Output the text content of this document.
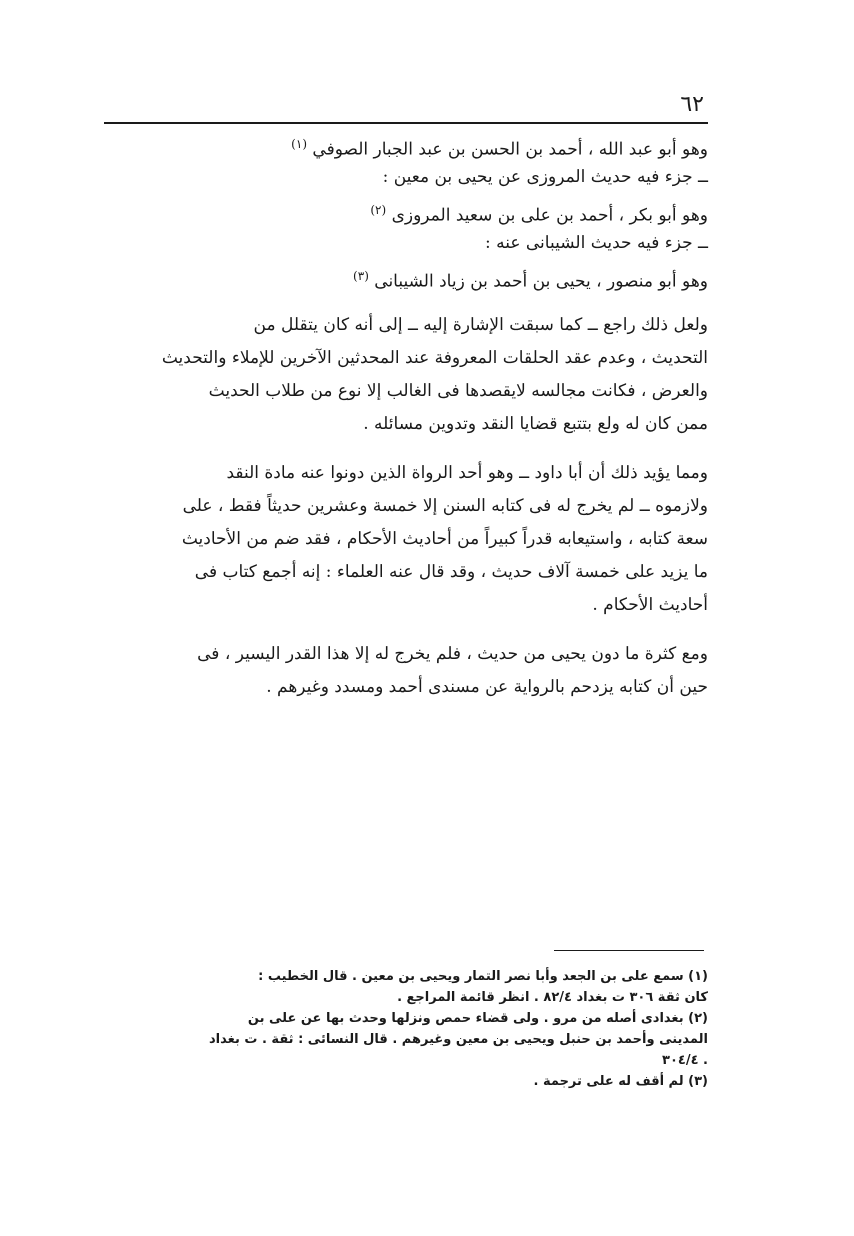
٦٢
وهو أبو عبد الله ، أحمد بن الحسن بن عبد الجبار الصوفي $^{(١)}$
ــ جزء فيه حديث المروزى عن يحيى بن معين :
وهو أبو بكر ، أحمد بن على بن سعيد المروزى $^{(٢)}$
ــ جزء فيه حديث الشيبانى عنه :
وهو أبو منصور ، يحيى بن أحمد بن زياد الشيبانى $^{(٣)}$
ولعل ذلك راجع ــ كما سبقت الإشارة إليه ــ إلى أنه كان يتقلل من
التحديث ، وعدم عقد الحلقات المعروفة عند المحدثين الآخرين للإملاء والتحديث
والعرض ، فكانت مجالسه لايقصدها فى الغالب إلا نوع من طلاب الحديث
ممن كان له ولع بتتبع قضايا النقد وتدوين مسائله .
ومما يؤيد ذلك أن أبا داود ــ وهو أحد الرواة الذين دونوا عنه مادة النقد
ولازموه ــ لم يخرج له فى كتابه السنن إلا خمسة وعشرين حديثاً فقط ، على
سعة كتابه ، واستيعابه قدراً كبيراً من أحاديث الأحكام ، فقد ضم من الأحاديث
ما يزيد على خمسة آلاف حديث ، وقد قال عنه العلماء : إنه أجمع كتاب فى
أحاديث الأحكام .
ومع كثرة ما دون يحيى من حديث ، فلم يخرج له إلا هذا القدر اليسير ، فى
حين أن كتابه يزدحم بالرواية عن مسندى أحمد ومسدد وغيرهم .
(١) سمع على بن الجعد وأبا نصر التمار ويحيى بن معين . قال الخطيب :
كان ثقة ٣٠٦ ت بغداد ٨٢/٤ . انظر قائمة المراجع .
(٢) بغدادى أصله من مرو . ولى قضاء حمص ونزلها وحدث بها عن على بن
المدينى وأحمد بن حنبل ويحيى بن معين وغيرهم . قال النسائى : ثقة . ت بغداد
. ٣٠٤/٤
(٣) لم أقف له على ترجمة .
